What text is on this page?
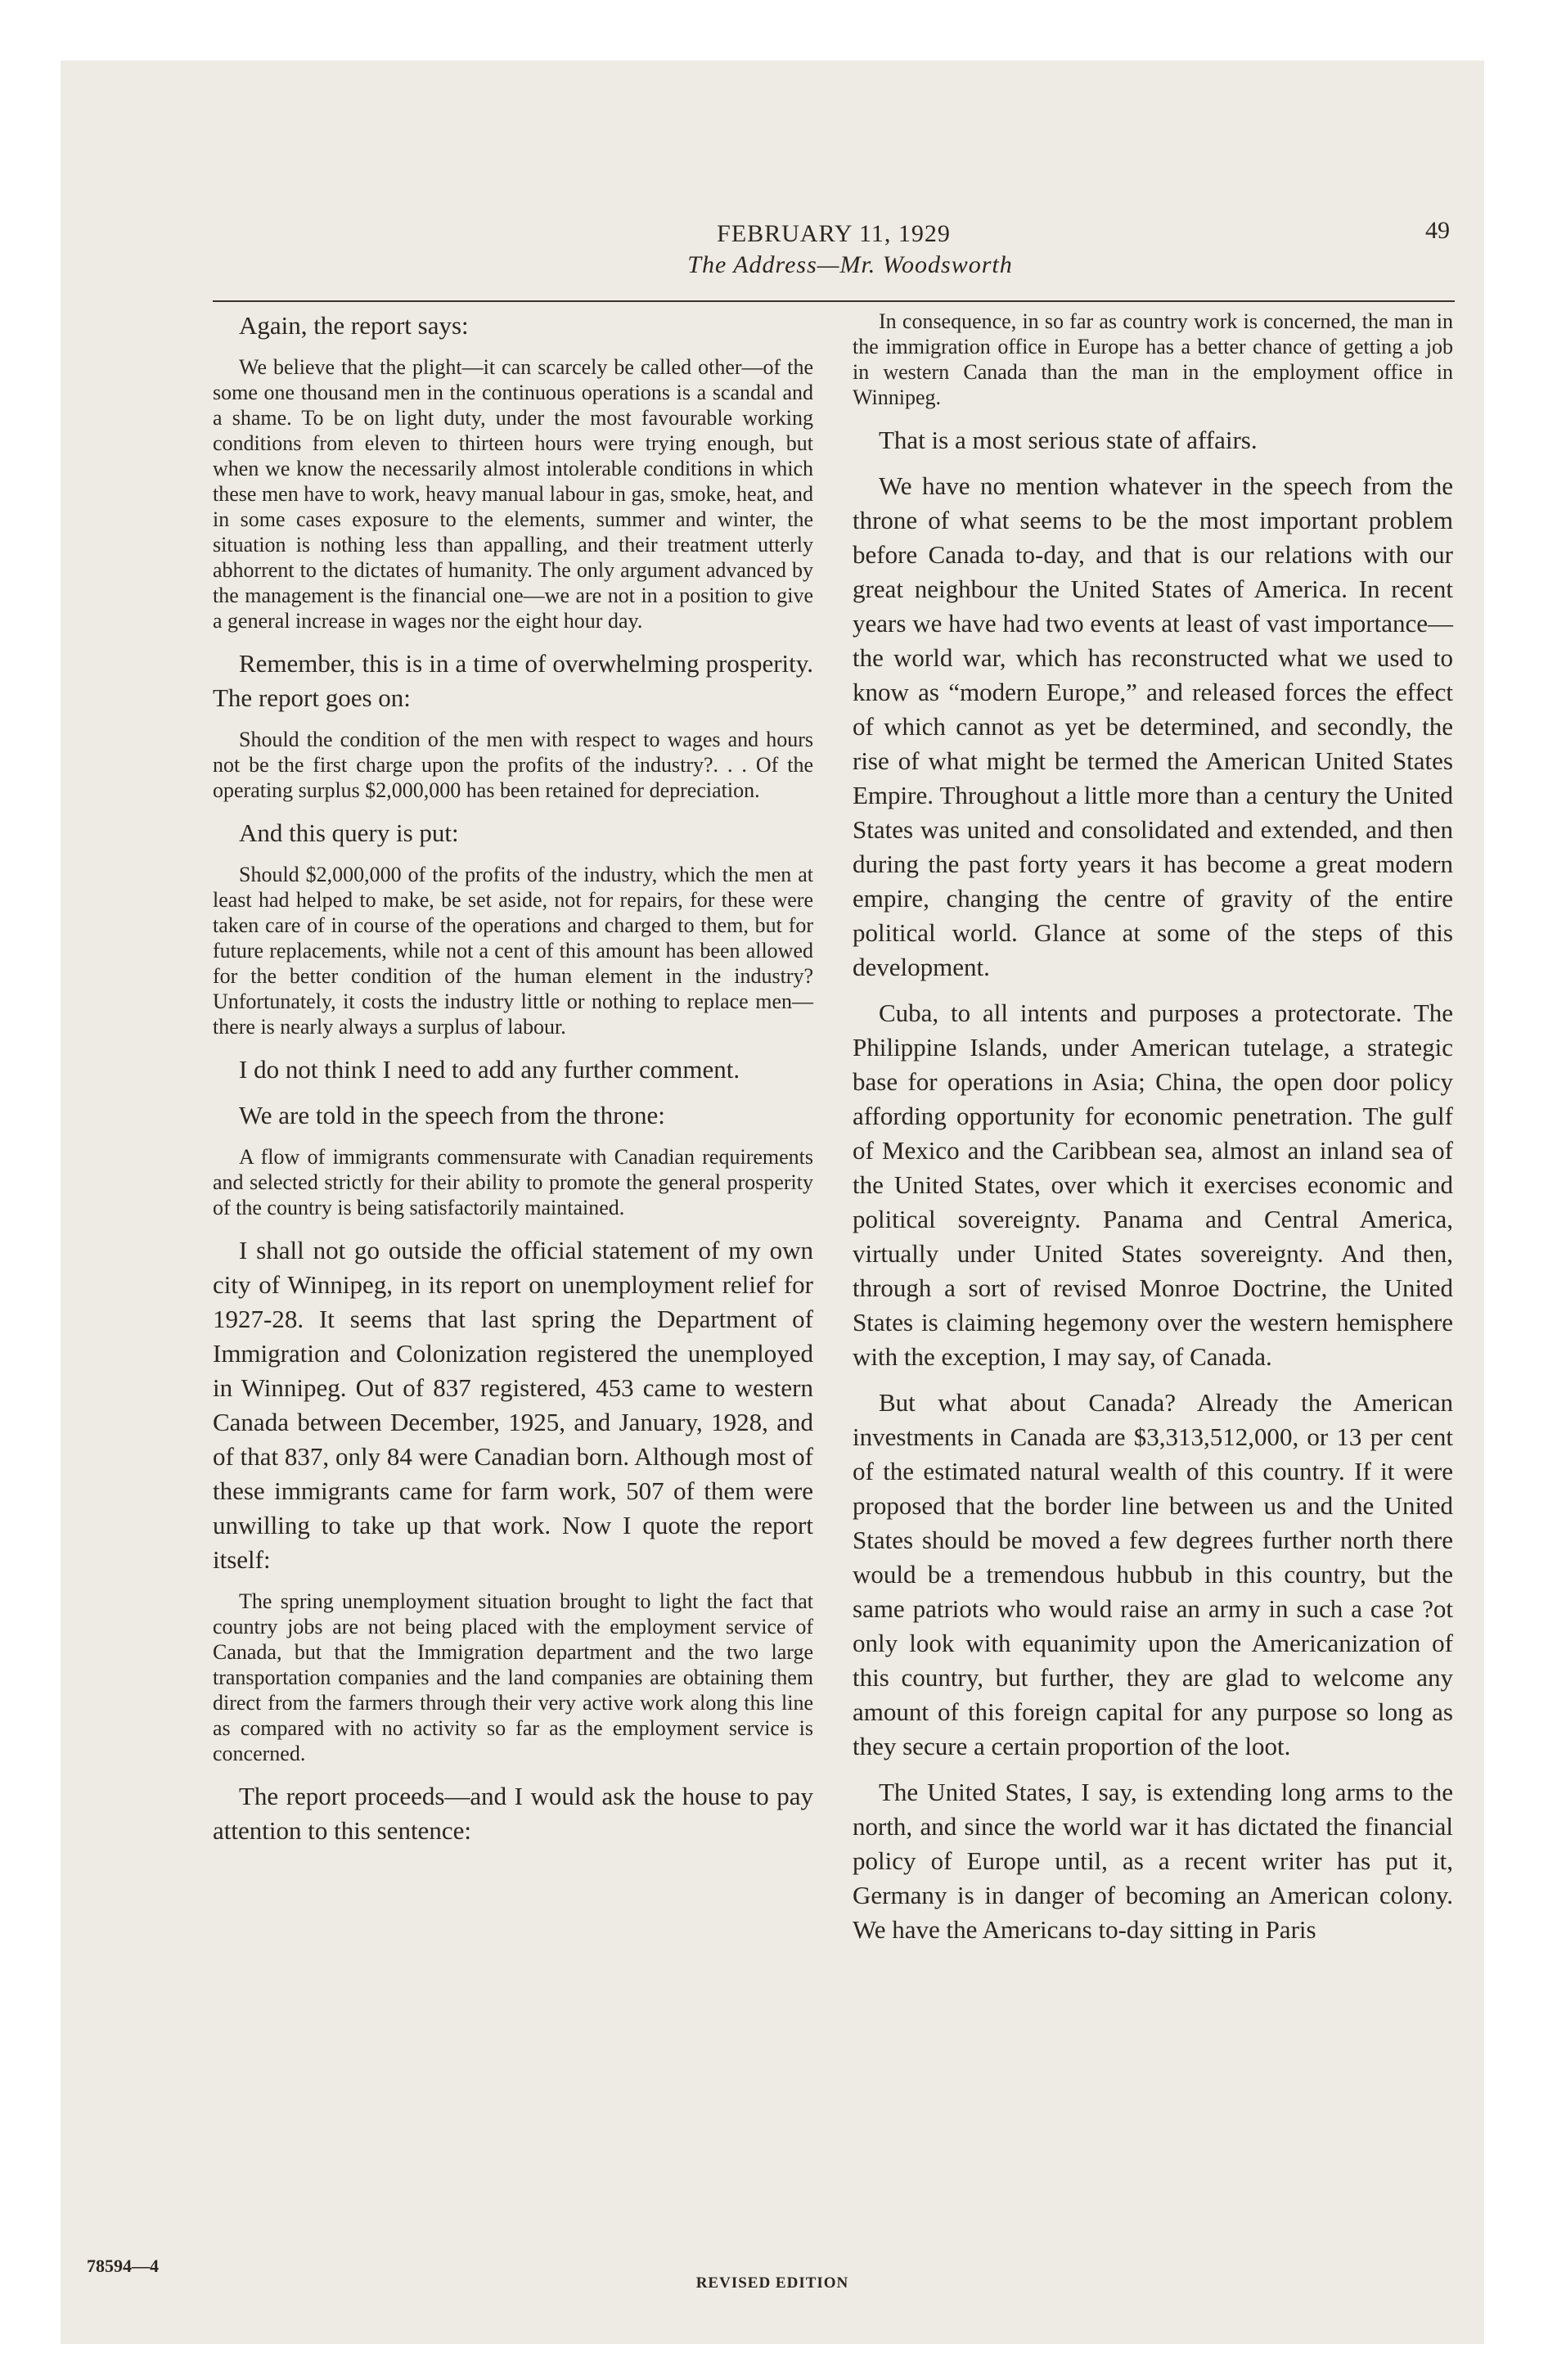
FEBRUARY 11, 1929
The Address—Mr. Woodsworth
49

Again, the report says:

We believe that the plight—it can scarcely be called other—of the some one thousand men in the continuous operations is a scandal and a shame. To be on light duty, under the most favourable working conditions from eleven to thirteen hours were trying enough, but when we know the necessarily almost intolerable conditions in which these men have to work, heavy manual labour in gas, smoke, heat, and in some cases exposure to the elements, summer and winter, the situation is nothing less than appalling, and their treatment utterly abhorrent to the dictates of humanity. The only argument advanced by the management is the financial one—we are not in a position to give a general increase in wages nor the eight hour day.

Remember, this is in a time of overwhelming prosperity. The report goes on:

Should the condition of the men with respect to wages and hours not be the first charge upon the profits of the industry?. . . Of the operating surplus $2,000,000 has been retained for depreciation.

And this query is put:

Should $2,000,000 of the profits of the industry, which the men at least had helped to make, be set aside, not for repairs, for these were taken care of in course of the operations and charged to them, but for future replacements, while not a cent of this amount has been allowed for the better condition of the human element in the industry? Unfortunately, it costs the industry little or nothing to replace men—there is nearly always a surplus of labour.

I do not think I need to add any further comment.

We are told in the speech from the throne:

A flow of immigrants commensurate with Canadian requirements and selected strictly for their ability to promote the general prosperity of the country is being satisfactorily maintained.

I shall not go outside the official statement of my own city of Winnipeg, in its report on unemployment relief for 1927-28. It seems that last spring the Department of Immigration and Colonization registered the unemployed in Winnipeg. Out of 837 registered, 453 came to western Canada between December, 1925, and January, 1928, and of that 837, only 84 were Canadian born. Although most of these immigrants came for farm work, 507 of them were unwilling to take up that work. Now I quote the report itself:

The spring unemployment situation brought to light the fact that country jobs are not being placed with the employment service of Canada, but that the Immigration department and the two large transportation companies and the land companies are obtaining them direct from the farmers through their very active work along this line as compared with no activity so far as the employment service is concerned.

The report proceeds—and I would ask the house to pay attention to this sentence:

In consequence, in so far as country work is concerned, the man in the immigration office in Europe has a better chance of getting a job in western Canada than the man in the employment office in Winnipeg.

That is a most serious state of affairs.

We have no mention whatever in the speech from the throne of what seems to be the most important problem before Canada to-day, and that is our relations with our great neighbour the United States of America. In recent years we have had two events at least of vast importance—the world war, which has reconstructed what we used to know as “modern Europe,” and released forces the effect of which cannot as yet be determined, and secondly, the rise of what might be termed the American United States Empire. Throughout a little more than a century the United States was united and consolidated and extended, and then during the past forty years it has become a great modern empire, changing the centre of gravity of the entire political world. Glance at some of the steps of this development.

Cuba, to all intents and purposes a protectorate. The Philippine Islands, under American tutelage, a strategic base for operations in Asia; China, the open door policy affording opportunity for economic penetration. The gulf of Mexico and the Caribbean sea, almost an inland sea of the United States, over which it exercises economic and political sovereignty. Panama and Central America, virtually under United States sovereignty. And then, through a sort of revised Monroe Doctrine, the United States is claiming hegemony over the western hemisphere with the exception, I may say, of Canada.

But what about Canada? Already the American investments in Canada are $3,313,512,000, or 13 per cent of the estimated natural wealth of this country. If it were proposed that the border line between us and the United States should be moved a few degrees further north there would be a tremendous hubbub in this country, but the same patriots who would raise an army in such a case ?ot only look with equanimity upon the Americanization of this country, but further, they are glad to welcome any amount of this foreign capital for any purpose so long as they secure a certain proportion of the loot.

The United States, I say, is extending long arms to the north, and since the world war it has dictated the financial policy of Europe until, as a recent writer has put it, Germany is in danger of becoming an American colony. We have the Americans to-day sitting in Paris

78594—4
REVISED EDITION
